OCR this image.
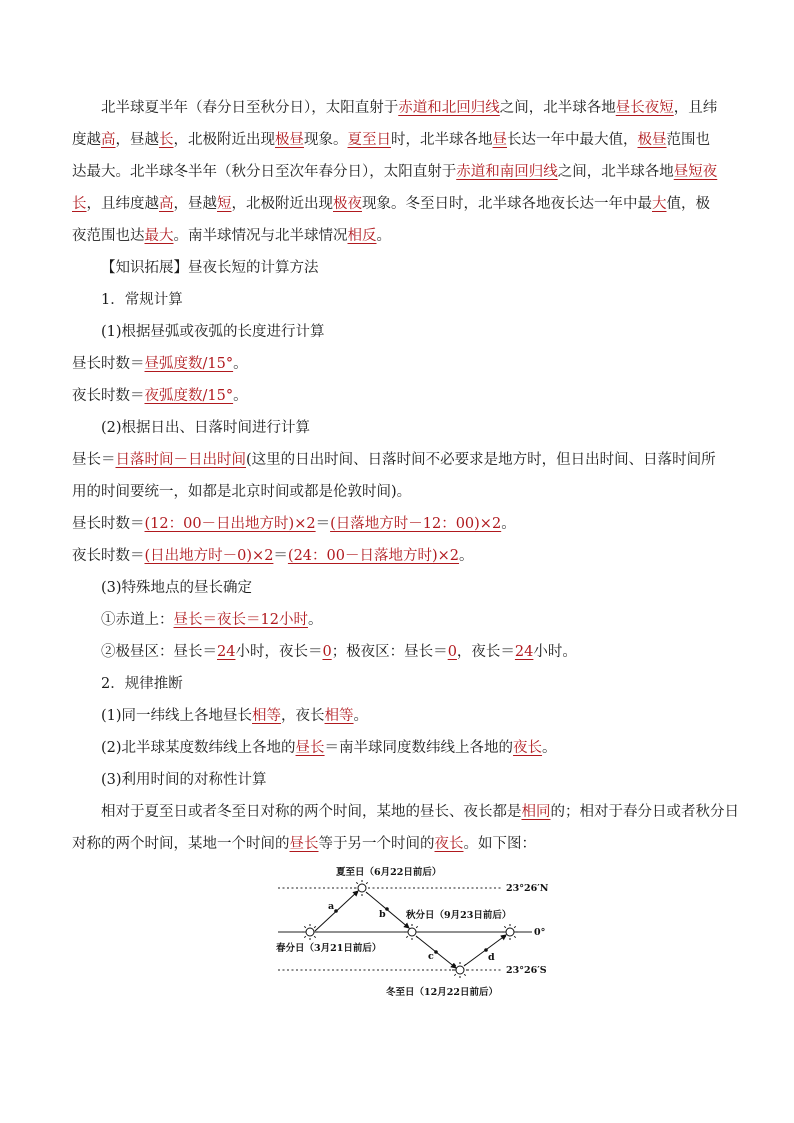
北半球夏半年（春分日至秋分日），太阳直射于赤道和北回归线之间，北半球各地昼长夜短，且纬
度越高，昼越长，北极附近出现极昼现象。夏至日时，北半球各地昼长达一年中最大值，极昼范围也
达最大。北半球冬半年（秋分日至次年春分日），太阳直射于赤道和南回归线之间，北半球各地昼短夜
长，且纬度越高，昼越短，北极附近出现极夜现象。冬至日时，北半球各地夜长达一年中最大值，极
夜范围也达最大。南半球情况与北半球情况相反。
【知识拓展】昼夜长短的计算方法
1．常规计算
(1)根据昼弧或夜弧的长度进行计算
昼长时数＝昼弧度数/15°。
夜长时数＝夜弧度数/15°。
(2)根据日出、日落时间进行计算
昼长＝日落时间－日出时间(这里的日出时间、日落时间不必要求是地方时，但日出时间、日落时间所
用的时间要统一，如都是北京时间或都是伦敦时间)。
昼长时数＝(12：00－日出地方时)×2＝(日落地方时－12：00)×2。
夜长时数＝(日出地方时－0)×2＝(24：00－日落地方时)×2。
(3)特殊地点的昼长确定
①赤道上：昼长＝夜长＝12小时。
②极昼区：昼长＝24小时，夜长＝0；极夜区：昼长＝0，夜长＝24小时。
2．规律推断
(1)同一纬线上各地昼长相等，夜长相等。
(2)北半球某度数纬线上各地的昼长＝南半球同度数纬线上各地的夜长。
(3)利用时间的对称性计算
相对于夏至日或者冬至日对称的两个时间，某地的昼长、夜长都是相同的；相对于春分日或者秋分日
对称的两个时间，某地一个时间的昼长等于另一个时间的夜长。如下图：
夏至日（6月22日前后）
秋分日（9月23日前后）
春分日（3月21日前后）
冬至日（12月22日前后）
23°26′N
0°
23°26′S
a
b
c	d
